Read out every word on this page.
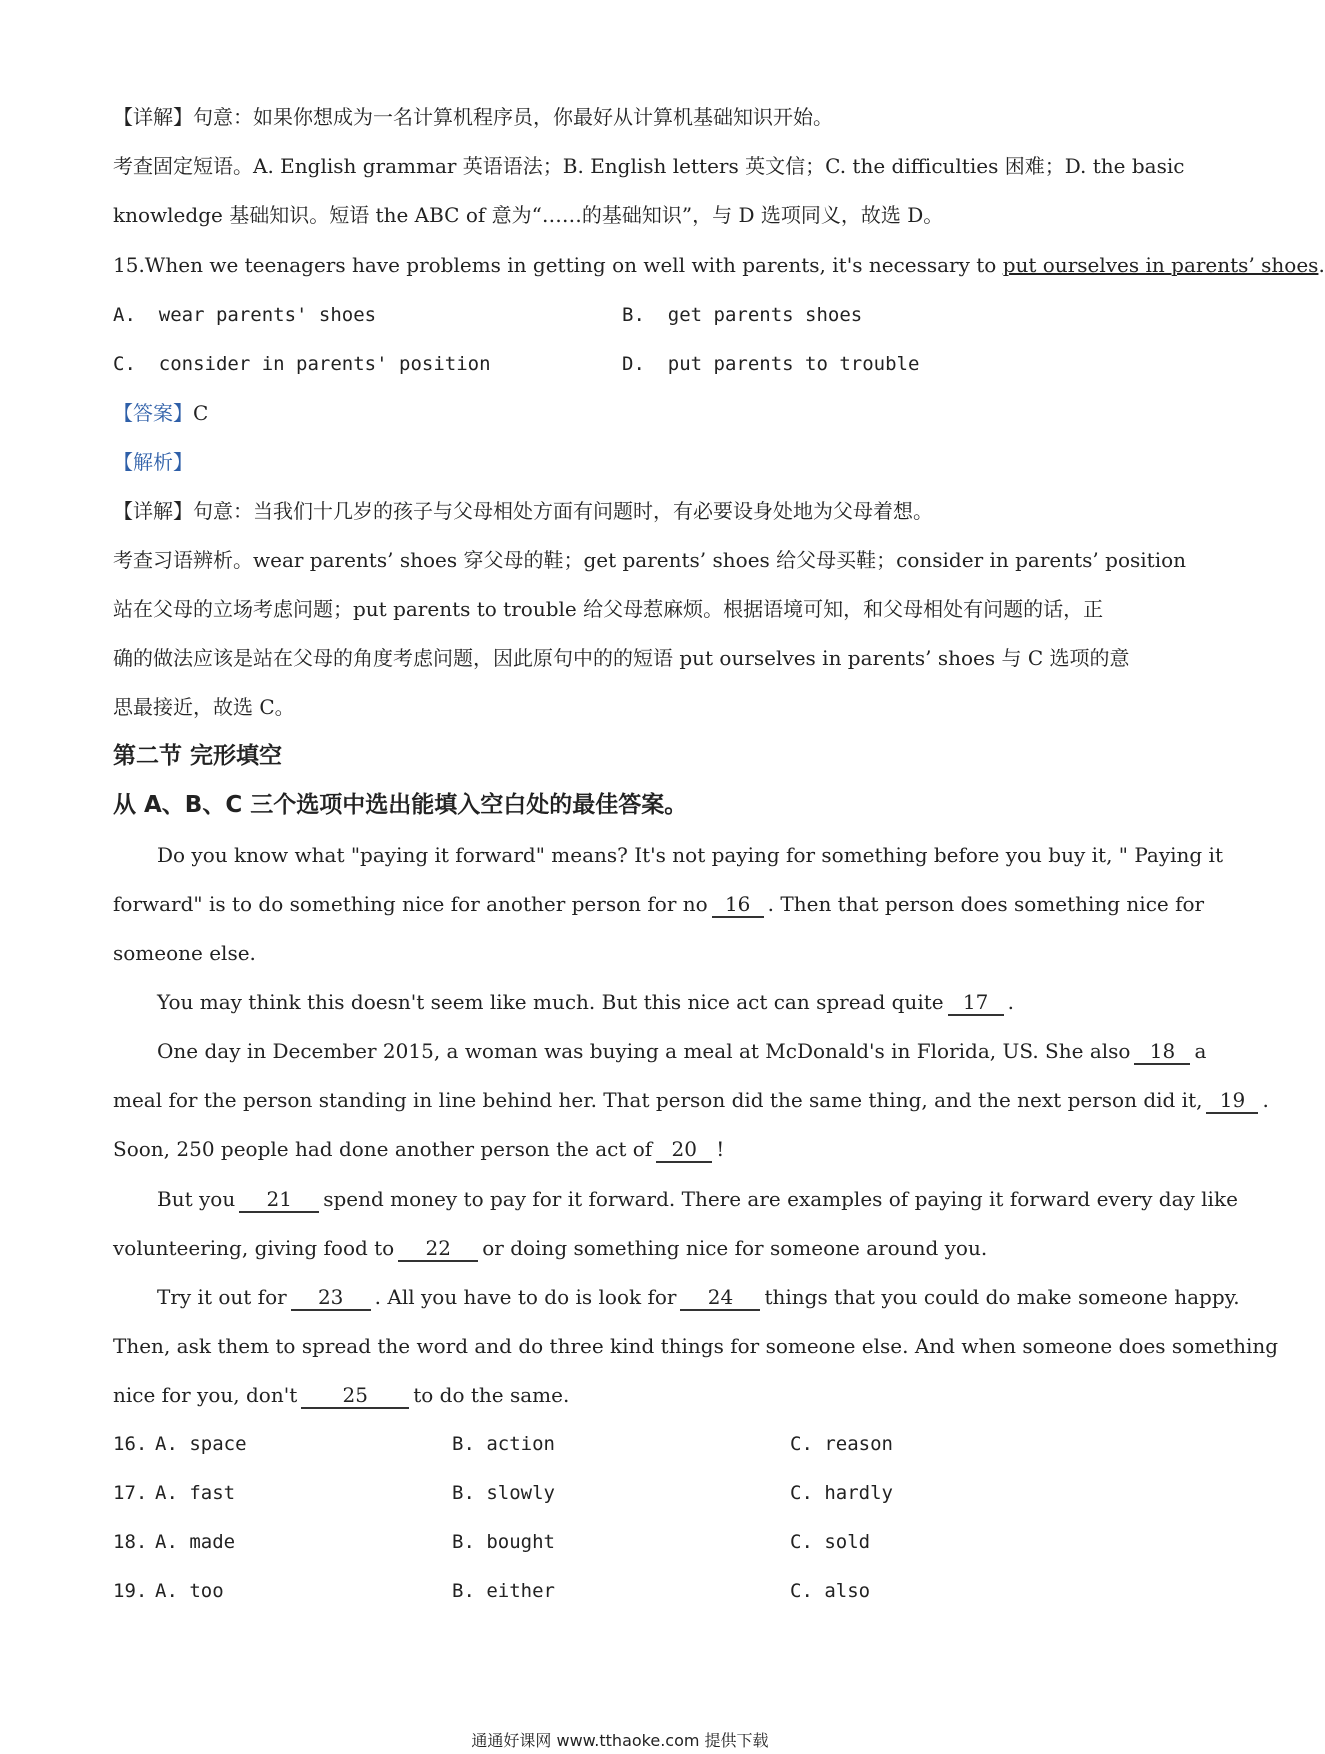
【详解】句意：如果你想成为一名计算机程序员，你最好从计算机基础知识开始。
考查固定短语。A. English grammar 英语语法；B. English letters 英文信；C. the difficulties 困难；D. the basic
knowledge 基础知识。短语 the ABC of 意为“……的基础知识”，与 D 选项同义，故选 D。
15.When we teenagers have problems in getting on well with parents, it's necessary to put ourselves in parents’ shoes.
A. wear parents' shoes	B. get parents shoes
C. consider in parents' position	D. put parents to trouble
【答案】C
【解析】
【详解】句意：当我们十几岁的孩子与父母相处方面有问题时，有必要设身处地为父母着想。
考查习语辨析。wear parents’ shoes 穿父母的鞋；get parents’ shoes 给父母买鞋；consider in parents’ position
站在父母的立场考虑问题；put parents to trouble 给父母惹麻烦。根据语境可知，和父母相处有问题的话，正
确的做法应该是站在父母的角度考虑问题，因此原句中的的短语 put ourselves in parents’ shoes 与 C 选项的意
思最接近，故选 C。
第二节 完形填空
从 A、B、C 三个选项中选出能填入空白处的最佳答案。
Do you know what "paying it forward" means? It's not paying for something before you buy it, " Paying it
forward" is to do something nice for another person for no 16 . Then that person does something nice for
someone else.
You may think this doesn't seem like much. But this nice act can spread quite 17 .
One day in December 2015, a woman was buying a meal at McDonald's in Florida, US. She also 18 a
meal for the person standing in line behind her. That person did the same thing, and the next person did it, 19 .
Soon, 250 people had done another person the act of 20 !
But you 21 spend money to pay for it forward. There are examples of paying it forward every day like
volunteering, giving food to 22 or doing something nice for someone around you.
Try it out for 23 . All you have to do is look for 24 things that you could do make someone happy.
Then, ask them to spread the word and do three kind things for someone else. And when someone does something
nice for you, don't 25 to do the same.
16. A. space	B. action	C. reason
17. A. fast	B. slowly	C. hardly
18. A. made	B. bought	C. sold
19. A. too	B. either	C. also
通通好课网 www.tthaoke.com 提供下载
